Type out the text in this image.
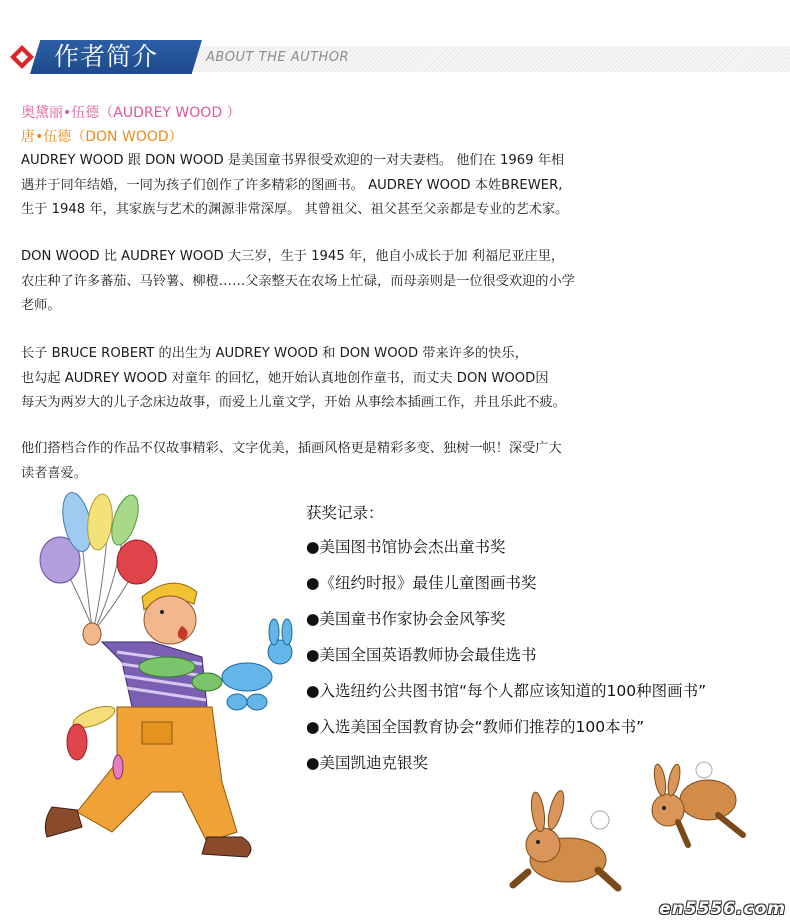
作者简介	ABOUT THE AUTHOR
奥黛丽•伍德（AUDREY WOOD ）
唐•伍德（DON WOOD）
AUDREY WOOD 跟 DON WOOD 是美国童书界很受欢迎的一对夫妻档。 他们在 1969 年相
遇并于同年结婚，一同为孩子们创作了许多精彩的图画书。 AUDREY WOOD 本姓BREWER,
生于 1948 年，其家族与艺术的渊源非常深厚。 其曾祖父、祖父甚至父亲都是专业的艺术家。
DON WOOD 比 AUDREY WOOD 大三岁，生于 1945 年，他自小成长于加 利福尼亚庄里，
农庄种了许多蕃茄、马铃薯、柳橙……父亲整天在农场上忙碌，而母亲则是一位很受欢迎的小学
老师。
长子 BRUCE ROBERT 的出生为 AUDREY WOOD 和 DON WOOD 带来许多的快乐，
也勾起 AUDREY WOOD 对童年 的回忆，她开始认真地创作童书，而丈夫 DON WOOD因
每天为两岁大的儿子念床边故事，而爱上儿童文学，开始 从事绘本插画工作，并且乐此不疲。
他们搭档合作的作品不仅故事精彩、文字优美，插画风格更是精彩多变、独树一帜！深受广大
读者喜爱。
获奖记录：
●美国图书馆协会杰出童书奖
●《纽约时报》最佳儿童图画书奖
●美国童书作家协会金风筝奖
●美国全国英语教师协会最佳选书
●入选纽约公共图书馆“每个人都应该知道的100种图画书”
●入选美国全国教育协会“教师们推荐的100本书”
●美国凯迪克银奖
en5556.com
